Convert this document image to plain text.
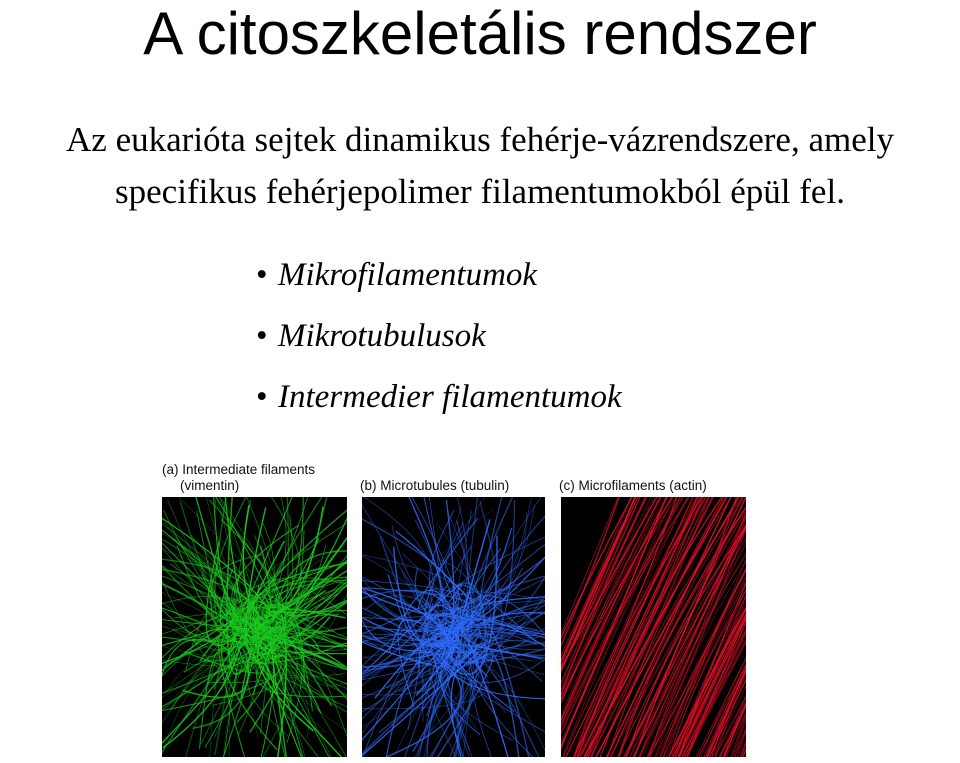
A citoszkeletális rendszer
Az eukarióta sejtek dinamikus fehérje-vázrendszere, amely
specifikus fehérjepolimer filamentumokból épül fel.
• Mikrofilamentumok
• Mikrotubulusok
• Intermedier filamentumok
(a) Intermediate filaments
(vimentin)	(b) Microtubules (tubulin)	(c) Microfilaments (actin)
